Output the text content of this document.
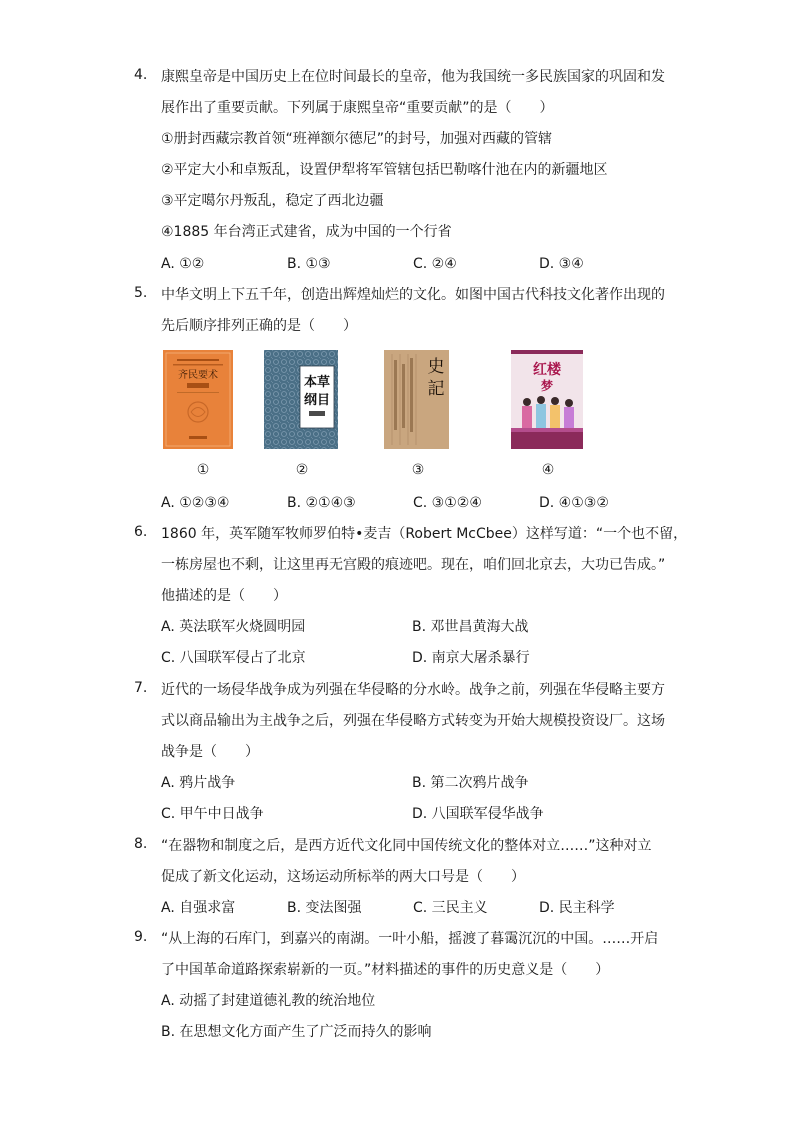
4. 康熙皇帝是中国历史上在位时间最长的皇帝，他为我国统一多民族国家的巩固和发
展作出了重要贡献。下列属于康熙皇帝“重要贡献”的是（　　）
①册封西藏宗教首领“班禅额尔德尼”的封号，加强对西藏的管辖
②平定大小和卓叛乱，设置伊犁将军管辖包括巴勒喀什池在内的新疆地区
③平定噶尔丹叛乱，稳定了西北边疆
④1885 年台湾正式建省，成为中国的一个行省
A. ①②	B. ①③	C. ②④	D. ③④
5. 中华文明上下五千年，创造出辉煌灿烂的文化。如图中国古代科技文化著作出现的
先后顺序排列正确的是（　　）
A. ①②③④	B. ②①④③	C. ③①②④	D. ④①③②
齐民要术
①
本草
纲目
②
史
記
③
红楼
梦
④
6. 1860 年，英军随军牧师罗伯特•麦吉（Robert McCbee）这样写道：“一个也不留，
一栋房屋也不剩，让这里再无宫殿的痕迹吧。现在，咱们回北京去，大功已告成。”
他描述的是（　　）
A. 英法联军火烧圆明园	B. 邓世昌黄海大战
C. 八国联军侵占了北京	D. 南京大屠杀暴行
7. 近代的一场侵华战争成为列强在华侵略的分水岭。战争之前，列强在华侵略主要方
式以商品输出为主战争之后，列强在华侵略方式转变为开始大规模投资设厂。这场
战争是（　　）
A. 鸦片战争	B. 第二次鸦片战争
C. 甲午中日战争	D. 八国联军侵华战争
8. “在器物和制度之后，是西方近代文化同中国传统文化的整体对立……”这种对立
促成了新文化运动，这场运动所标举的两大口号是（　　）
A. 自强求富	B. 变法图强	C. 三民主义	D. 民主科学
9. “从上海的石库门，到嘉兴的南湖。一叶小船，摇渡了暮霭沉沉的中国。……开启
了中国革命道路探索崭新的一页。”材料描述的事件的历史意义是（　　）
A. 动摇了封建道德礼教的统治地位
B. 在思想文化方面产生了广泛而持久的影响
